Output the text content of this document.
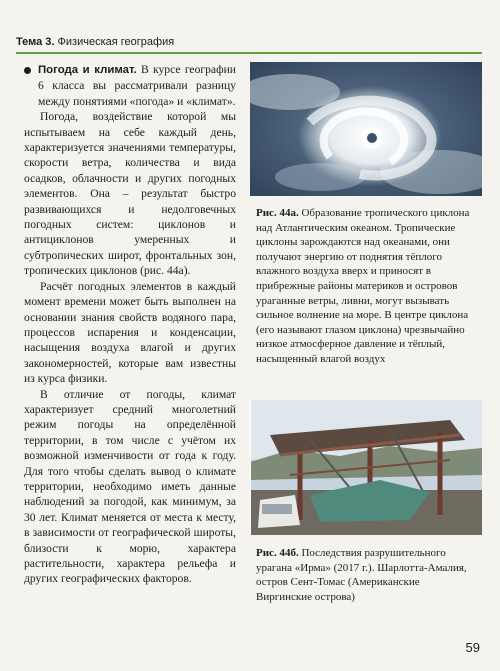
Тема 3. Физическая география

Погода и климат. В курсе географии 6 класса вы рассматривали разницу между понятиями «погода» и «климат».

Погода, воздействие которой мы испытываем на себе каждый день, характеризуется значениями температуры, скорости ветра, количества и вида осадков, облачности и других погодных элементов. Она – результат быстро развивающихся и недолговечных погодных систем: циклонов и антициклонов умеренных и субтропических широт, фронтальных зон, тропических циклонов (рис. 44а).

Расчёт погодных элементов в каждый момент времени может быть выполнен на основании знания свойств водяного пара, процессов испарения и конденсации, насыщения воздуха влагой и других закономерностей, которые вам известны из курса физики.

В отличие от погоды, климат характеризует средний многолетний режим погоды на определённой территории, в том числе с учётом их возможной изменчивости от года к году. Для того чтобы сделать вывод о климате территории, необходимо иметь данные наблюдений за погодой, как минимум, за 30 лет. Климат меняется от места к месту, в зависимости от географической широты, близости к морю, характера растительности, характера рельефа и других географических факторов.

Рис. 44а. Образование тропического циклона над Атлантическим океаном. Тропические циклоны зарождаются над океанами, они получают энергию от поднятия тёплого влажного воздуха вверх и приносят в прибрежные районы материков и островов ураганные ветры, ливни, могут вызывать сильное волнение на море. В центре циклона (его называют глазом циклона) чрезвычайно низкое атмосферное давление и тёплый, насыщенный влагой воздух
Рис. 44б. Последствия разрушительного урагана «Ирма» (2017 г.). Шарлотта-Амалия, остров Сент-Томас (Американские Виргинские острова)
59
